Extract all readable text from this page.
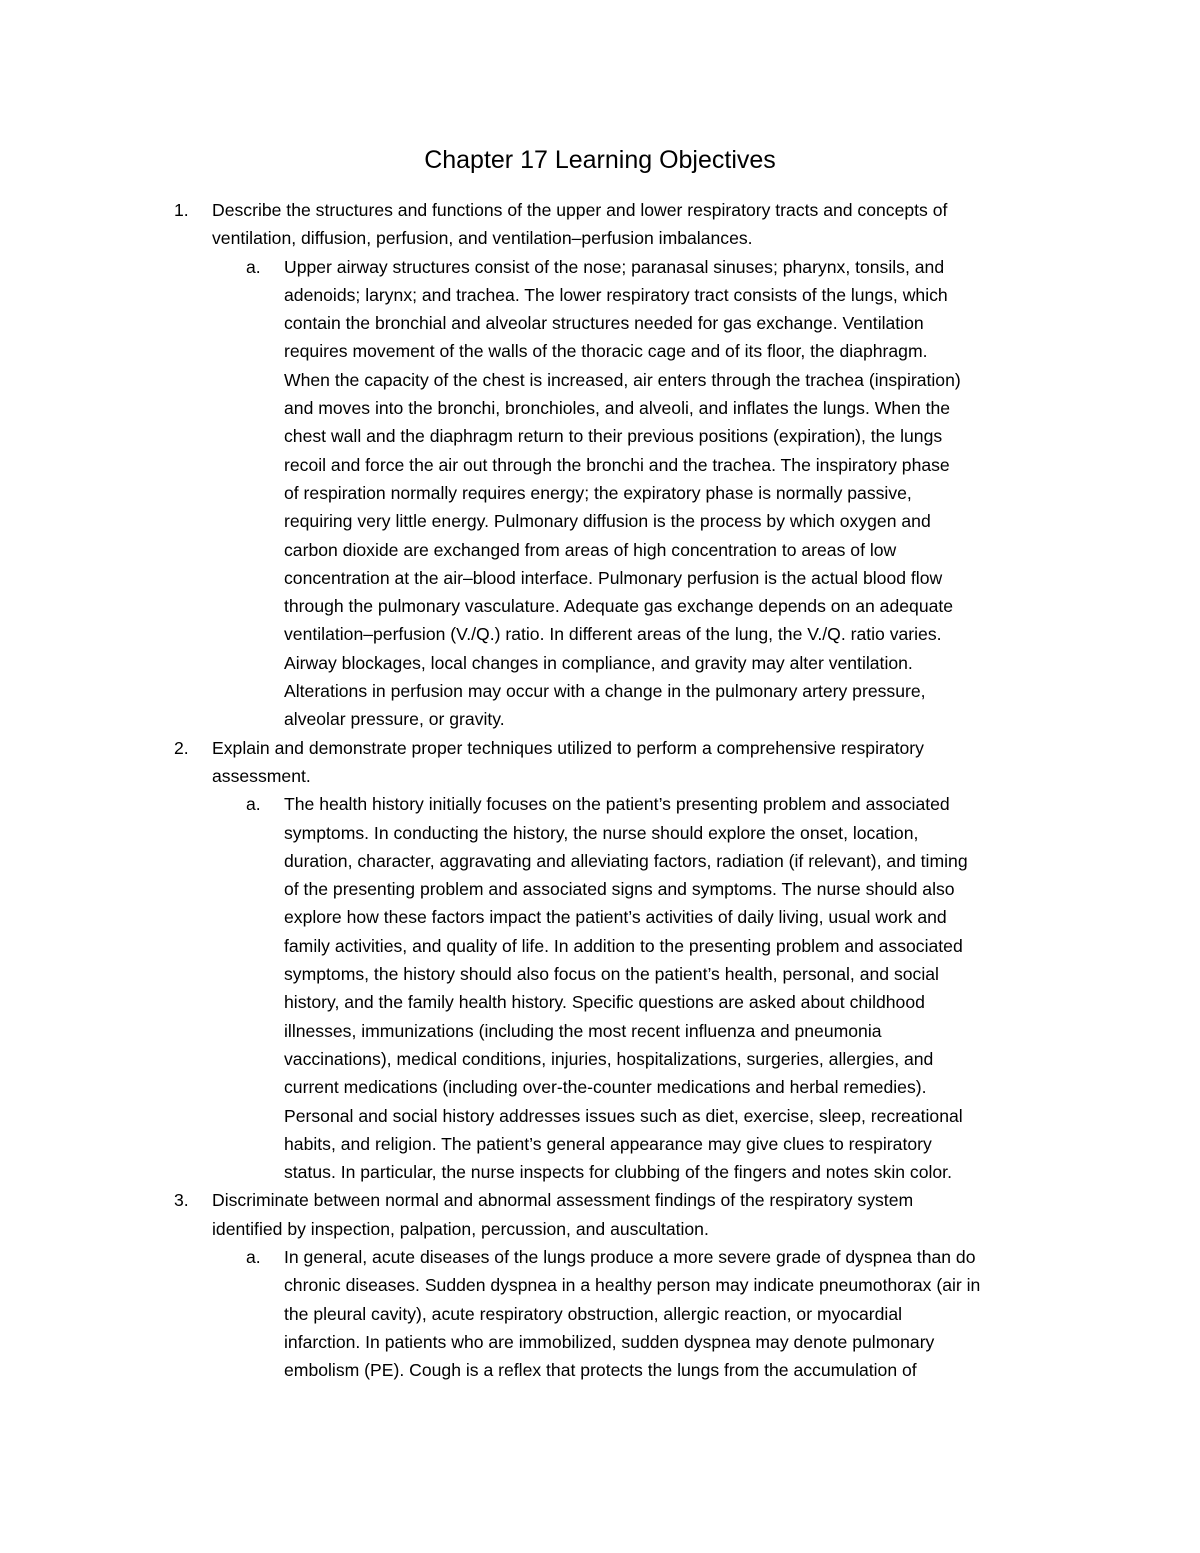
Chapter 17 Learning Objectives
1. Describe the structures and functions of the upper and lower respiratory tracts and concepts of
ventilation, diffusion, perfusion, and ventilation–perfusion imbalances.
a. Upper airway structures consist of the nose; paranasal sinuses; pharynx, tonsils, and
adenoids; larynx; and trachea. The lower respiratory tract consists of the lungs, which
contain the bronchial and alveolar structures needed for gas exchange. Ventilation
requires movement of the walls of the thoracic cage and of its floor, the diaphragm.
When the capacity of the chest is increased, air enters through the trachea (inspiration)
and moves into the bronchi, bronchioles, and alveoli, and inflates the lungs. When the
chest wall and the diaphragm return to their previous positions (expiration), the lungs
recoil and force the air out through the bronchi and the trachea. The inspiratory phase
of respiration normally requires energy; the expiratory phase is normally passive,
requiring very little energy. Pulmonary diffusion is the process by which oxygen and
carbon dioxide are exchanged from areas of high concentration to areas of low
concentration at the air–blood interface. Pulmonary perfusion is the actual blood flow
through the pulmonary vasculature. Adequate gas exchange depends on an adequate
ventilation–perfusion (V./Q.) ratio. In different areas of the lung, the V./Q. ratio varies.
Airway blockages, local changes in compliance, and gravity may alter ventilation.
Alterations in perfusion may occur with a change in the pulmonary artery pressure,
alveolar pressure, or gravity.
2. Explain and demonstrate proper techniques utilized to perform a comprehensive respiratory
assessment.
a. The health history initially focuses on the patient’s presenting problem and associated
symptoms. In conducting the history, the nurse should explore the onset, location,
duration, character, aggravating and alleviating factors, radiation (if relevant), and timing
of the presenting problem and associated signs and symptoms. The nurse should also
explore how these factors impact the patient’s activities of daily living, usual work and
family activities, and quality of life. In addition to the presenting problem and associated
symptoms, the history should also focus on the patient’s health, personal, and social
history, and the family health history. Specific questions are asked about childhood
illnesses, immunizations (including the most recent influenza and pneumonia
vaccinations), medical conditions, injuries, hospitalizations, surgeries, allergies, and
current medications (including over-the-counter medications and herbal remedies).
Personal and social history addresses issues such as diet, exercise, sleep, recreational
habits, and religion. The patient’s general appearance may give clues to respiratory
status. In particular, the nurse inspects for clubbing of the fingers and notes skin color.
3. Discriminate between normal and abnormal assessment findings of the respiratory system
identified by inspection, palpation, percussion, and auscultation.
a. In general, acute diseases of the lungs produce a more severe grade of dyspnea than do
chronic diseases. Sudden dyspnea in a healthy person may indicate pneumothorax (air in
the pleural cavity), acute respiratory obstruction, allergic reaction, or myocardial
infarction. In patients who are immobilized, sudden dyspnea may denote pulmonary
embolism (PE). Cough is a reflex that protects the lungs from the accumulation of
